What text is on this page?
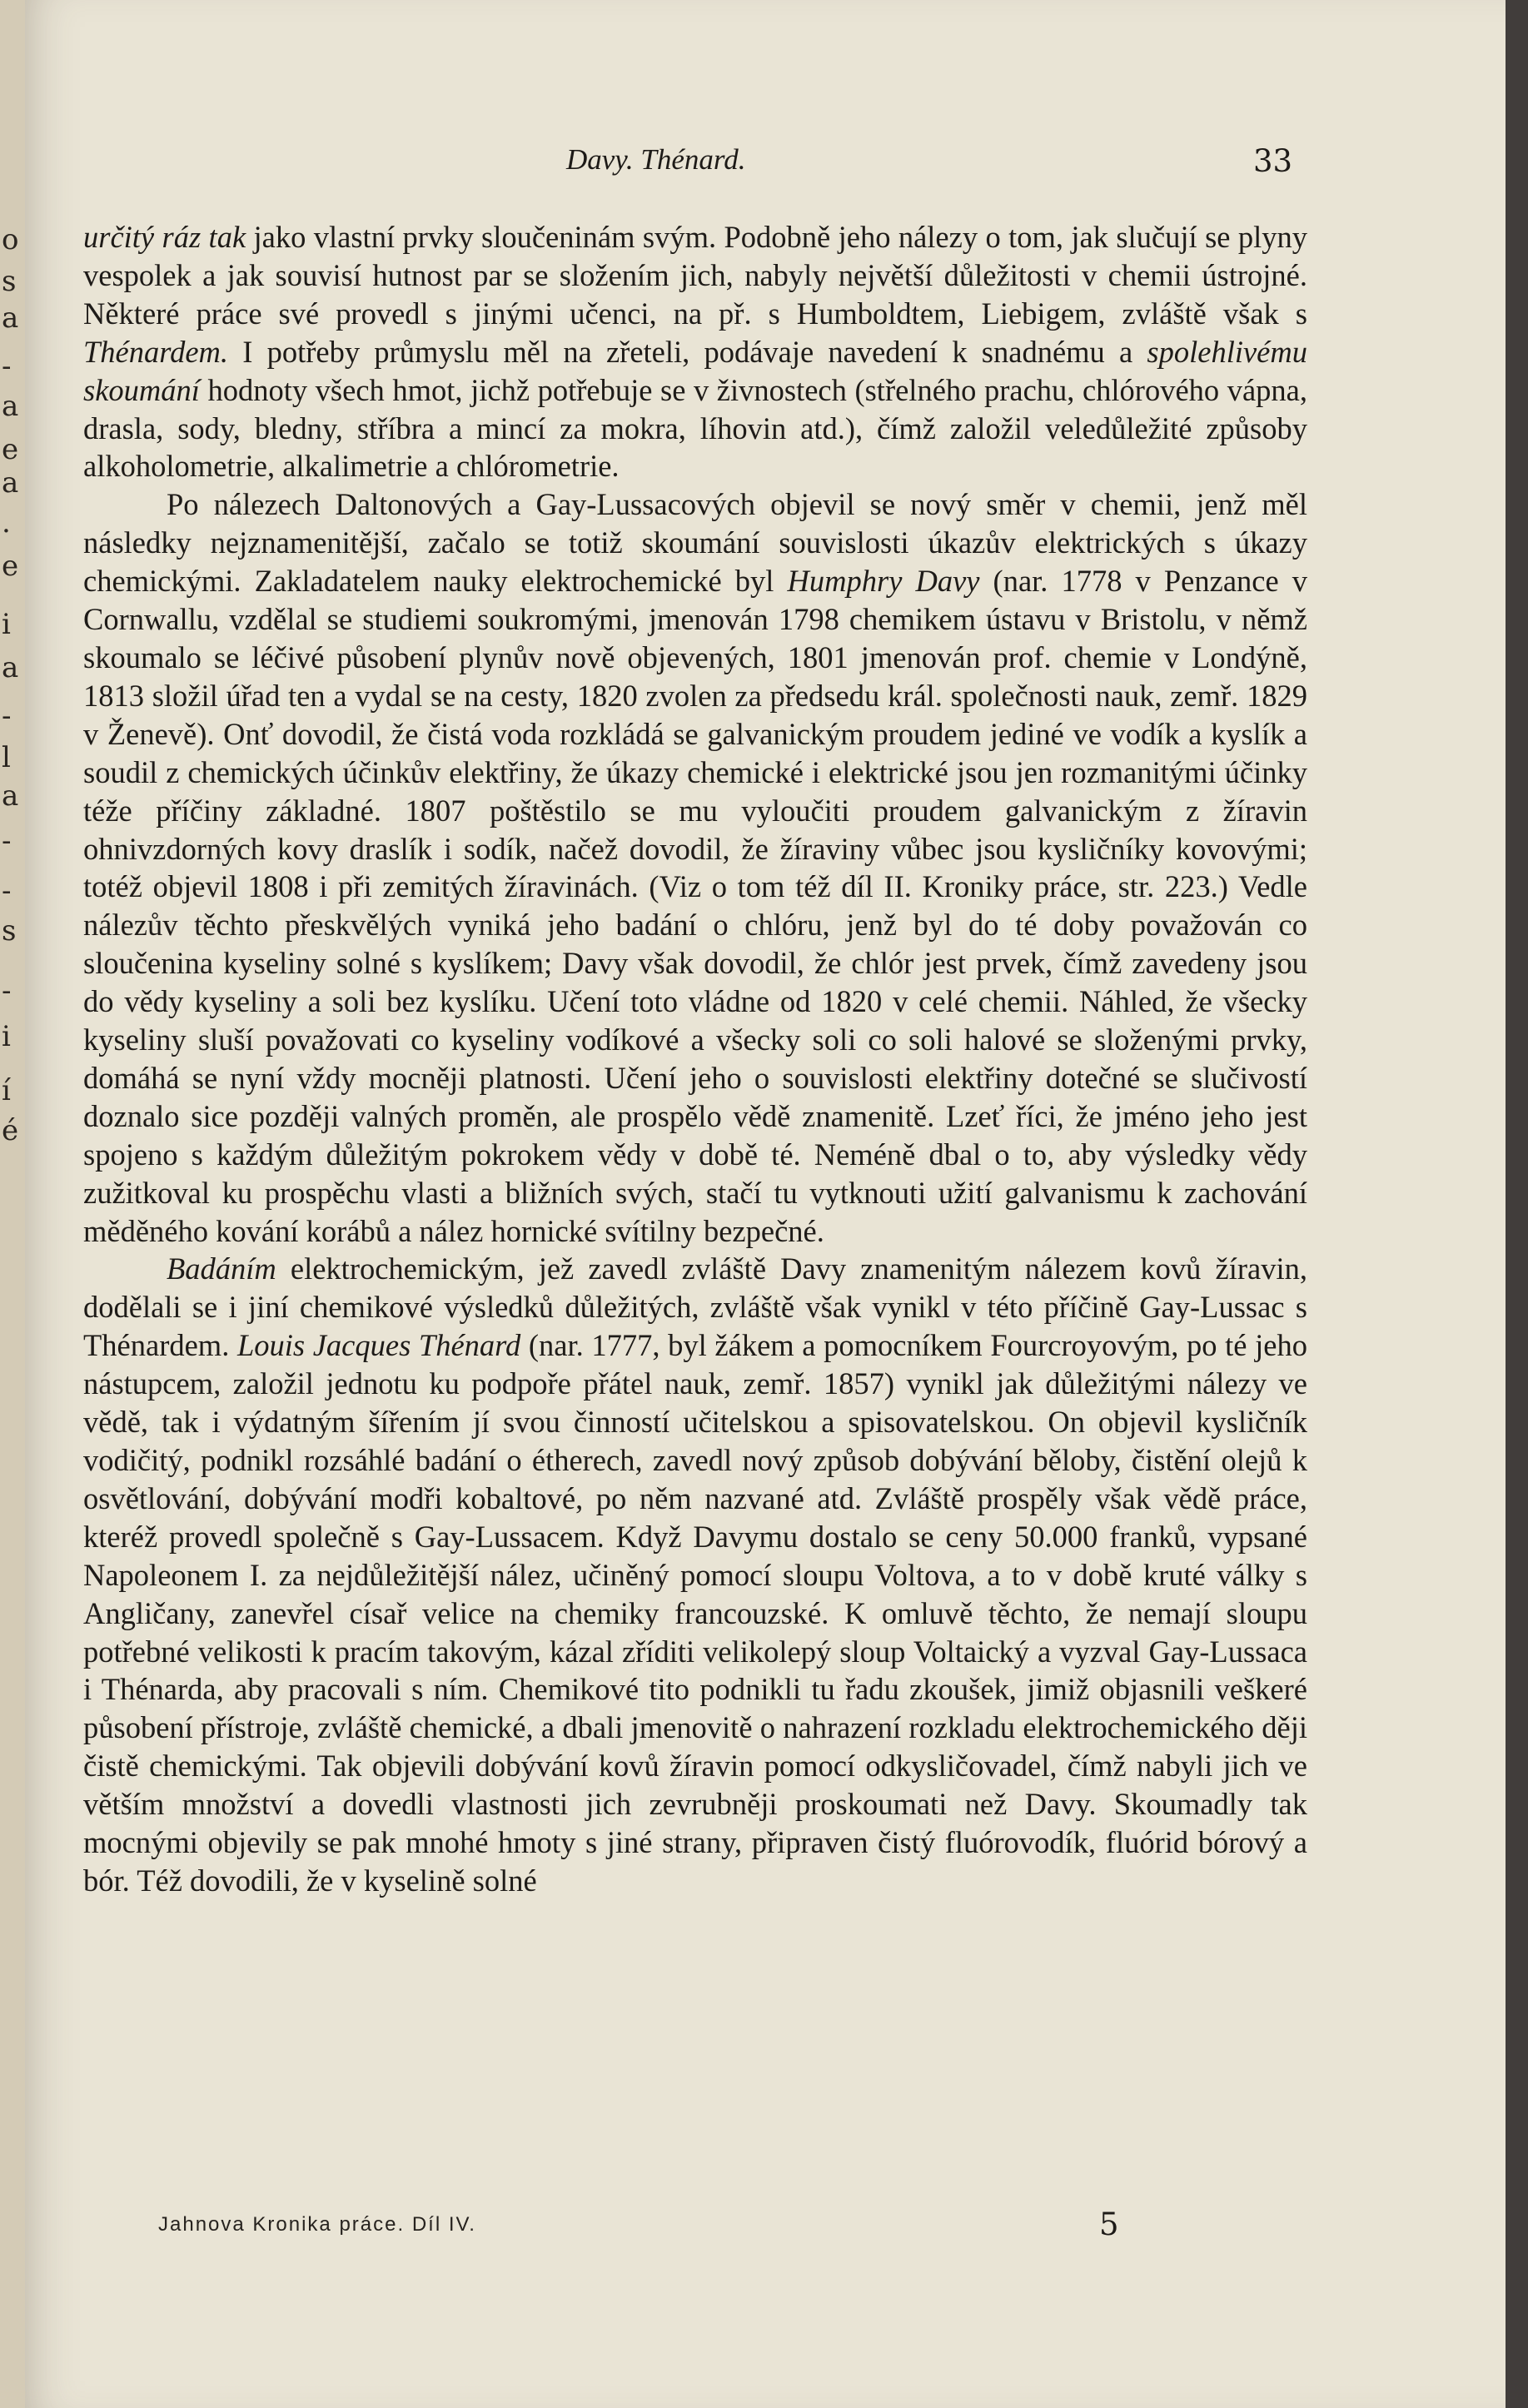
o
s
a
-
a
e
a
.
e
i
a
-
l
a
-
-
s
-
i
í
é
Davy. Thénard.	33

určitý ráz tak jako vlastní prvky sloučeninám svým. Podobně jeho nálezy o tom, jak slučují se plyny vespolek a jak souvisí hutnost par se složením jich, nabyly největší důležitosti v chemii ústrojné. Některé práce své provedl s jinými učenci, na př. s Humboldtem, Liebigem, zvláště však s Thénardem. I potřeby průmyslu měl na zřeteli, podávaje navedení k snadnému a spolehlivému skoumání hodnoty všech hmot, jichž potřebuje se v živnostech (střelného prachu, chlórového vápna, drasla, sody, bledny, stříbra a mincí za mokra, líhovin atd.), čímž založil veledůležité způsoby alkoholometrie, alkalimetrie a chlórometrie.

Po nálezech Daltonových a Gay-Lussacových objevil se nový směr v chemii, jenž měl následky nejznamenitější, začalo se totiž skoumání souvislosti úkazův elektrických s úkazy chemickými. Zakladatelem nauky elektrochemické byl Humphry Davy (nar. 1778 v Penzance v Cornwallu, vzdělal se studiemi soukromými, jmenován 1798 chemikem ústavu v Bristolu, v němž skoumalo se léčivé působení plynův nově objevených, 1801 jmenován prof. chemie v Londýně, 1813 složil úřad ten a vydal se na cesty, 1820 zvolen za předsedu král. společnosti nauk, zemř. 1829 v Ženevě). Onť dovodil, že čistá voda rozkládá se galvanickým proudem jediné ve vodík a kyslík a soudil z chemických účinkův elektřiny, že úkazy chemické i elektrické jsou jen rozmanitými účinky téže příčiny základné. 1807 poštěstilo se mu vyloučiti proudem galvanickým z žíravin ohnivzdorných kovy draslík i sodík, načež dovodil, že žíraviny vůbec jsou kysličníky kovovými; totéž objevil 1808 i při zemitých žíravinách. (Viz o tom též díl II. Kroniky práce, str. 223.) Vedle nálezův těchto přeskvělých vyniká jeho badání o chlóru, jenž byl do té doby považován co sloučenina kyseliny solné s kyslíkem; Davy však dovodil, že chlór jest prvek, čímž zavedeny jsou do vědy kyseliny a soli bez kyslíku. Učení toto vládne od 1820 v celé chemii. Náhled, že všecky kyseliny sluší považovati co kyseliny vodíkové a všecky soli co soli halové se složenými prvky, domáhá se nyní vždy mocněji platnosti. Učení jeho o souvislosti elektřiny dotečné se slučivostí doznalo sice později valných proměn, ale prospělo vědě znamenitě. Lzeť říci, že jméno jeho jest spojeno s každým důležitým pokrokem vědy v době té. Neméně dbal o to, aby výsledky vědy zužitkoval ku prospěchu vlasti a bližních svých, stačí tu vytknouti užití galvanismu k zachování měděného kování korábů a nález hornické svítilny bezpečné.

Badáním elektrochemickým, jež zavedl zvláště Davy znamenitým nálezem kovů žíravin, dodělali se i jiní chemikové výsledků důležitých, zvláště však vynikl v této příčině Gay-Lussac s Thénardem. Louis Jacques Thénard (nar. 1777, byl žákem a pomocníkem Fourcroyovým, po té jeho nástupcem, založil jednotu ku podpoře přátel nauk, zemř. 1857) vynikl jak důležitými nálezy ve vědě, tak i výdatným šířením jí svou činností učitelskou a spisovatelskou. On objevil kysličník vodičitý, podnikl rozsáhlé badání o étherech, zavedl nový způsob dobývání běloby, čistění olejů k osvětlování, dobývání modři kobaltové, po něm nazvané atd. Zvláště prospěly však vědě práce, kteréž provedl společně s Gay-Lussacem. Když Davymu dostalo se ceny 50.000 franků, vypsané Napoleonem I. za nejdůležitější nález, učiněný pomocí sloupu Voltova, a to v době kruté války s Angličany, zanevřel císař velice na chemiky francouzské. K omluvě těchto, že nemají sloupu potřebné velikosti k pracím takovým, kázal zříditi velikolepý sloup Voltaický a vyzval Gay-Lussaca i Thénarda, aby pracovali s ním. Chemikové tito podnikli tu řadu zkoušek, jimiž objasnili veškeré působení přístroje, zvláště chemické, a dbali jmenovitě o nahrazení rozkladu elektrochemického ději čistě chemickými. Tak objevili dobývání kovů žíravin pomocí odkysličovadel, čímž nabyli jich ve větším množství a dovedli vlastnosti jich zevrubněji proskoumati než Davy. Skoumadly tak mocnými objevily se pak mnohé hmoty s jiné strany, připraven čistý fluórovodík, fluórid bórový a bór. Též dovodili, že v kyselině solné

Jahnova Kronika práce. Díl IV.	5
